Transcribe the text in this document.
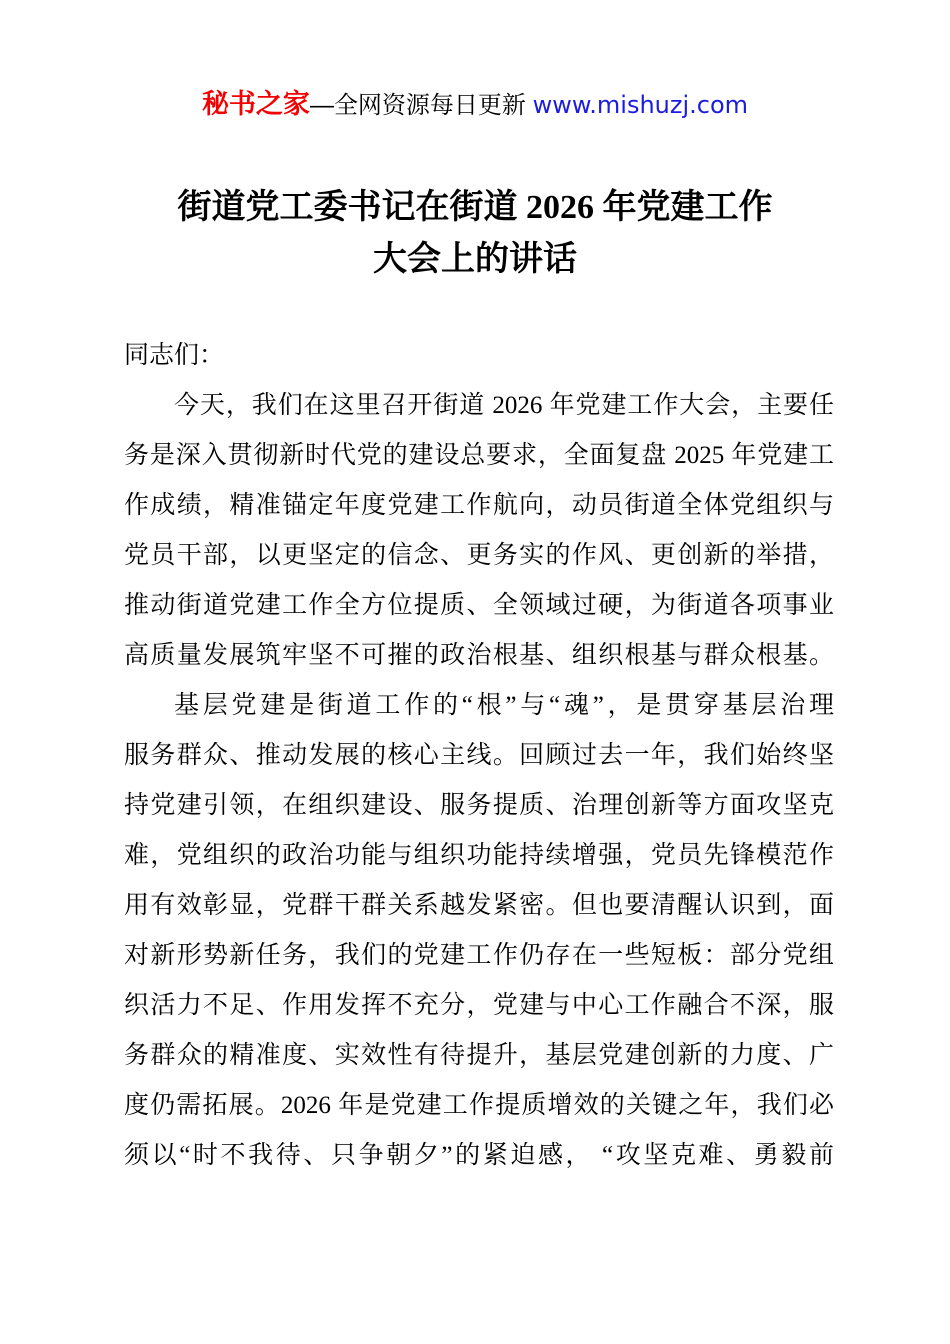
秘书之家—全网资源每日更新 www.mishuzj.com
街道党工委书记在街道 2026 年党建工作
大会上的讲话
同志们：
今天，我们在这里召开街道 2026 年党建工作大会，主要任
务是深入贯彻新时代党的建设总要求，全面复盘 2025 年党建工
作成绩，精准锚定年度党建工作航向，动员街道全体党组织与
党员干部，以更坚定的信念、更务实的作风、更创新的举措，
推动街道党建工作全方位提质、全领域过硬，为街道各项事业
高质量发展筑牢坚不可摧的政治根基、组织根基与群众根基。
基层党建是街道工作的“根”与“魂”，是贯穿基层治理
服务群众、推动发展的核心主线。回顾过去一年，我们始终坚
持党建引领，在组织建设、服务提质、治理创新等方面攻坚克
难，党组织的政治功能与组织功能持续增强，党员先锋模范作
用有效彰显，党群干群关系越发紧密。但也要清醒认识到，面
对新形势新任务，我们的党建工作仍存在一些短板：部分党组
织活力不足、作用发挥不充分，党建与中心工作融合不深，服
务群众的精准度、实效性有待提升，基层党建创新的力度、广
度仍需拓展。2026 年是党建工作提质增效的关键之年，我们必
须以“时不我待、只争朝夕”的紧迫感， “攻坚克难、勇毅前
